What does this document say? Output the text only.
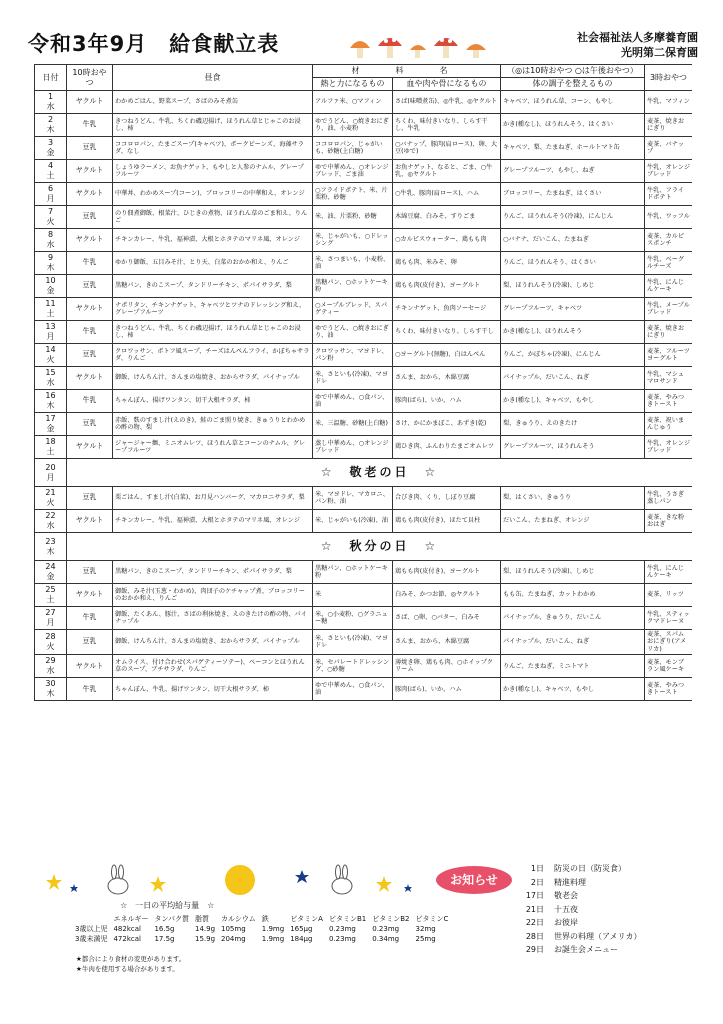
令和3年9月　給食献立表	社会福祉法人多摩養育園
光明第二保育園
日付	10時おやつ	昼食	材　料　名		（◎は10時おやつ ○は午後おやつ）	3時おやつ
			熱と力になるもの	血や肉や骨になるもの	体の調子を整えるもの	

1
水	ヤクルト	わかめごはん、野菜スープ、さばのみそ煮缶	アルファ米、○マフィン	さば(味噌煮缶)、◎牛乳、◎ヤクルト	キャベツ、ほうれん草、コーン、もやし	牛乳、マフィン

2
木	牛乳	きつねうどん、牛乳、ちくわ磯辺揚げ、ほうれん草とじゃこのお浸し、柿	ゆでうどん、○焼きおにぎり、油、小麦粉	ちくわ、味付きいなり、しらす干し、牛乳	かき(種なし)、ほうれんそう、はくさい	麦茶、焼きおにぎり

3
金	豆乳	ココロロパン、たまごスープ(キャベツ)、ポークビーンズ、海藻サラダ、なし	ココロロパン、じゃがいも、砂糖(上白糖)	○バナップ、豚肉(肩ロース)、卵、大豆(ゆで)	キャベツ、梨、たまねぎ、ホールトマト缶	麦茶、バナップ

4
土	ヤクルト	しょうゆラーメン、お魚ナゲット、もやしと人参のナムル、グレープフルーツ	ゆで中華めん、○オレンジブレッド、ごま油	お魚ナゲット、なると、ごま、○牛乳、◎ヤクルト	グレープフルーツ、もやし、ねぎ	牛乳、オレンジブレッド

6
月	ヤクルト	中華丼、わかめスープ(コーン)、ブロッコリーの中華和え、オレンジ	○フライドポテト、米、片栗粉、砂糖	○牛乳、豚肉(肩ロース)、ハム	ブロッコリー、たまねぎ、はくさい	牛乳、フライドポテト

7
火	豆乳	のり佃煮御飯、根菜汁、ひじきの煮物、ほうれん草のごま和え、りんご	米、油、片栗粉、砂糖	木綿豆腐、白みそ、すりごま	りんご、ほうれんそう(冷凍)、にんじん	牛乳、ワッフル

8
水	ヤクルト	チキンカレー、牛乳、福神漬、大根とホタテのマリネ風、オレンジ	米、じゃがいも、○ドレッシング	○カルピスウォーター、鶏もも肉	○バナナ、だいこん、たまねぎ	麦茶、カルピスポンチ

9
木	牛乳	ゆかり御飯、五目みそ汁、とり天、白菜のおかか和え、りんご	米、さつまいも、小麦粉、油	鶏もも肉、米みそ、卵	りんご、ほうれんそう、はくさい	牛乳、ベーグルチーズ

10
金	豆乳	黒糖パン、きのこスープ、タンドリーチキン、ポパイサラダ、梨	黒糖パン、○ホットケーキ粉	鶏もも肉(皮付き)、ヨーグルト	梨、ほうれんそう(冷凍)、しめじ	牛乳、にんじんケーキ

11
土	ヤクルト	ナポリタン、チキンナゲット、キャベツとツナのドレッシング和え、グレープフルーツ	○メープルブレッド、スパゲティー	チキンナゲット、魚肉ソーセージ	グレープフルーツ、キャベツ	牛乳、メープルブレッド

13
月	牛乳	きつねうどん、牛乳、ちくわ磯辺揚げ、ほうれん草とじゃこのお浸し、柿	ゆでうどん、○焼きおにぎり、油	ちくわ、味付きいなり、しらす干し	かき(種なし)、ほうれんそう	麦茶、焼きおにぎり

14
火	豆乳	クロワッサン、ポトフ風スープ、チーズはんぺんフライ、かぼちゃサラダ、りんご	クロワッサン、マヨドレ、パン粉	○ヨーグルト(無糖)、白はんぺん	りんご、かぼちゃ(冷凍)、にんじん	麦茶、フルーツヨーグルト

15
水	ヤクルト	御飯、けんちん汁、さんまの塩焼き、おからサラダ、パイナップル	米、さといも(冷凍)、マヨドレ	さんま、おから、木綿豆腐	パイナップル、だいこん、ねぎ	牛乳、マシュマロサンド

16
木	牛乳	ちゃんぽん、揚げワンタン、切干大根サラダ、柿	ゆで中華めん、○食パン、油	豚肉(ばら)、いか、ハム	かき(種なし)、キャベツ、もやし	麦茶、やみつきトースト

17
金	豆乳	赤飯、麩のすまし汁(えのき)、鮭のごま照り焼き、きゅうりとわかめの酢の物、梨	米、三温糖、砂糖(上白糖)	さけ、かにかまぼこ、あずき(乾)	梨、きゅうり、えのきたけ	麦茶、祝いまんじゅう

18
土	ヤクルト	ジャージャー麺、ミニオムレツ、ほうれん草とコーンのナムル、グレープフルーツ	蒸し中華めん、○オレンジブレッド	鶏ひき肉、ふんわりたまごオムレツ	グレープフルーツ、ほうれんそう	牛乳、オレンジブレッド

20
月	☆　敬老の日　☆					

21
火	豆乳	栗ごはん、すまし汁(白菜)、お月見ハンバーグ、マカロニサラダ、梨	米、マヨドレ、マカロニ、パン粉、油	合びき肉、くり、しぼり豆腐	梨、はくさい、きゅうり	牛乳、うさぎ蒸しパン

22
水	ヤクルト	チキンカレー、牛乳、福神漬、大根とホタテのマリネ風、オレンジ	米、じゃがいも(冷凍)、油	鶏もも肉(皮付き)、ほたて貝柱	だいこん、たまねぎ、オレンジ	麦茶、きな粉おはぎ

23
木	☆　秋分の日　☆					

24
金	豆乳	黒糖パン、きのこスープ、タンドリーチキン、ポパイサラダ、梨	黒糖パン、○ホットケーキ粉	鶏もも肉(皮付き)、ヨーグルト	梨、ほうれんそう(冷凍)、しめじ	牛乳、にんじんケーキ

25
土	ヤクルト	御飯、みそ汁(玉葱・わかめ)、肉団子のケチャップ煮、ブロッコリーのおかか和え、りんご	米	白みそ、かつお節、◎ヤクルト	もも缶、たまねぎ、カットわかめ	麦茶、リッツ

27
月	牛乳	御飯、たくあん、豚汁、さばの利休焼き、えのきたけの酢の物、パイナップル	米、○小麦粉、○グラニュー糖	さば、○卵、○バター、白みそ	パイナップル、きゅうり、だいこん	牛乳、スティックマドレーヌ

28
火	豆乳	御飯、けんちん汁、さんまの塩焼き、おからサラダ、パイナップル	米、さといも(冷凍)、マヨドレ	さんま、おから、木綿豆腐	パイナップル、だいこん、ねぎ	麦茶、スパムおにぎり(アメリカ)

29
水	ヤクルト	オムライス、付け合わせ(スパゲティーソテー)、ベーコンとほうれん草のスープ、ブチサラダ、りんご	米、セパレートドレッシング、○砂糖	薄焼き卵、鶏もも肉、○ホイップクリーム	りんご、たまねぎ、ミニトマト	麦茶、モンブラン風ケーキ

30
木	牛乳	ちゃんぽん、牛乳、揚げワンタン、切干大根サラダ、柿	ゆで中華めん、○食パン、油	豚肉(ばら)、いか、ハム	かき(種なし)、キャベツ、もやし	麦茶、やみつきトースト
☆　一日の平均給与量　☆
	エネルギー	タンパク質	脂質	カルシウム	鉄	ビタミンA	ビタミンB1	ビタミンB2	ビタミンC
3歳以上児	482kcal	16.5g	14.9g	105mg	1.9mg	165μg	0.23mg	0.23mg	32mg
3歳未満児	472kcal	17.5g	15.9g	204mg	1.9mg	184μg	0.23mg	0.34mg	25mg
★都合により食材の変更があります。
★牛肉を使用する場合があります。
お知らせ
1日 防災の日（防災食）
2日 精進料理
17日 敬老会
21日 十五夜
22日 お彼岸
28日 世界の料理（アメリカ）
29日 お誕生会メニュー
